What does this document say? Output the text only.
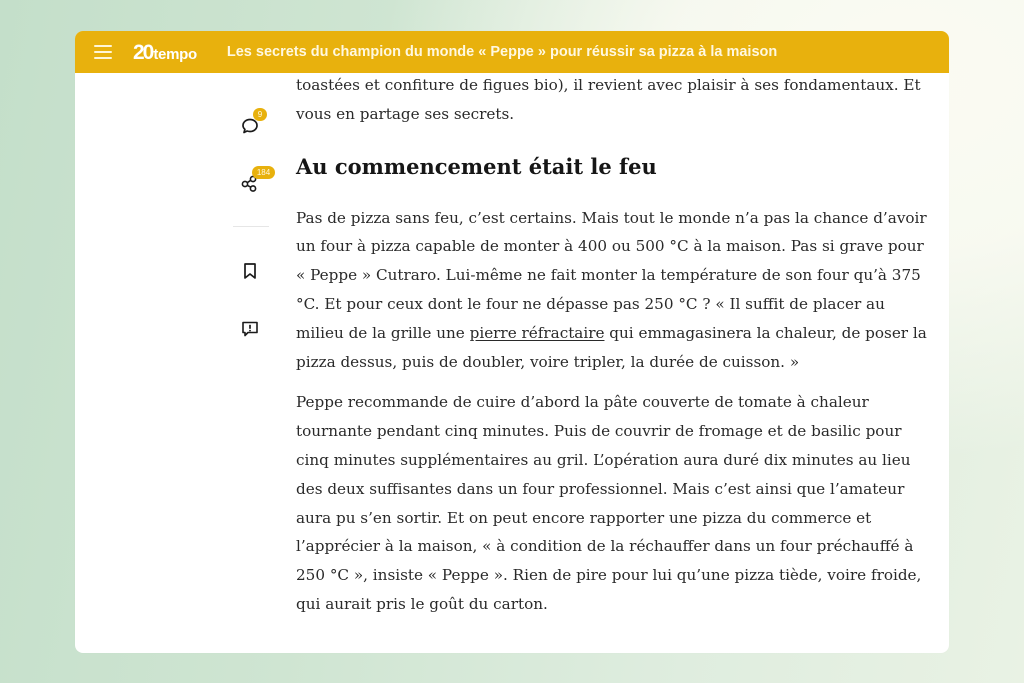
20 tempo Les secrets du champion du monde « Peppe » pour réussir sa pizza à la maison
9
184

toastées et confiture de figues bio), il revient avec plaisir à ses fondamentaux. Et

vous en partage ses secrets.

Au commencement était le feu

Pas de pizza sans feu, c’est certains. Mais tout le monde n’a pas la chance d’avoir un four à pizza capable de monter à 400 ou 500 °C à la maison. Pas si grave pour « Peppe » Cutraro. Lui-même ne fait monter la température de son four qu’à 375 °C. Et pour ceux dont le four ne dépasse pas 250 °C ? « Il suffit de placer au milieu de la grille une pierre réfractaire qui emmagasinera la chaleur, de poser la pizza dessus, puis de doubler, voire tripler, la durée de cuisson. »

Peppe recommande de cuire d’abord la pâte couverte de tomate à chaleur tournante pendant cinq minutes. Puis de couvrir de fromage et de basilic pour cinq minutes supplémentaires au gril. L’opération aura duré dix minutes au lieu des deux suffisantes dans un four professionnel. Mais c’est ainsi que l’amateur aura pu s’en sortir. Et on peut encore rapporter une pizza du commerce et l’apprécier à la maison, « à condition de la réchauffer dans un four préchauffé à 250 °C », insiste « Peppe ». Rien de pire pour lui qu’une pizza tiède, voire froide, qui aurait pris le goût du carton.
